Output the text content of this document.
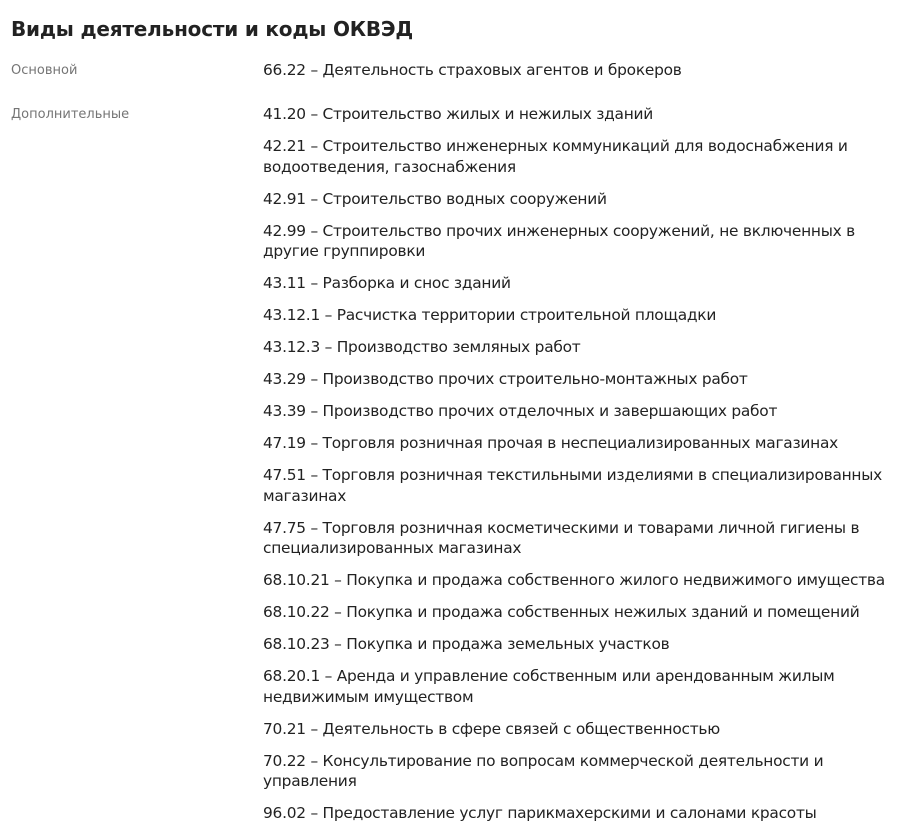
Виды деятельности и коды ОКВЭД
Основной	66.22 – Деятельность страховых агентов и брокеров
Дополнительные	41.20 – Строительство жилых и нежилых зданий
42.21 – Строительство инженерных коммуникаций для водоснабжения и водоотведения, газоснабжения
42.91 – Строительство водных сооружений
42.99 – Строительство прочих инженерных сооружений, не включенных в другие группировки
43.11 – Разборка и снос зданий
43.12.1 – Расчистка территории строительной площадки
43.12.3 – Производство земляных работ
43.29 – Производство прочих строительно-монтажных работ
43.39 – Производство прочих отделочных и завершающих работ
47.19 – Торговля розничная прочая в неспециализированных магазинах
47.51 – Торговля розничная текстильными изделиями в специализированных магазинах
47.75 – Торговля розничная косметическими и товарами личной гигиены в специализированных магазинах
68.10.21 – Покупка и продажа собственного жилого недвижимого имущества
68.10.22 – Покупка и продажа собственных нежилых зданий и помещений
68.10.23 – Покупка и продажа земельных участков
68.20.1 – Аренда и управление собственным или арендованным жилым недвижимым имуществом
70.21 – Деятельность в сфере связей с общественностью
70.22 – Консультирование по вопросам коммерческой деятельности и управления
96.02 – Предоставление услуг парикмахерскими и салонами красоты
